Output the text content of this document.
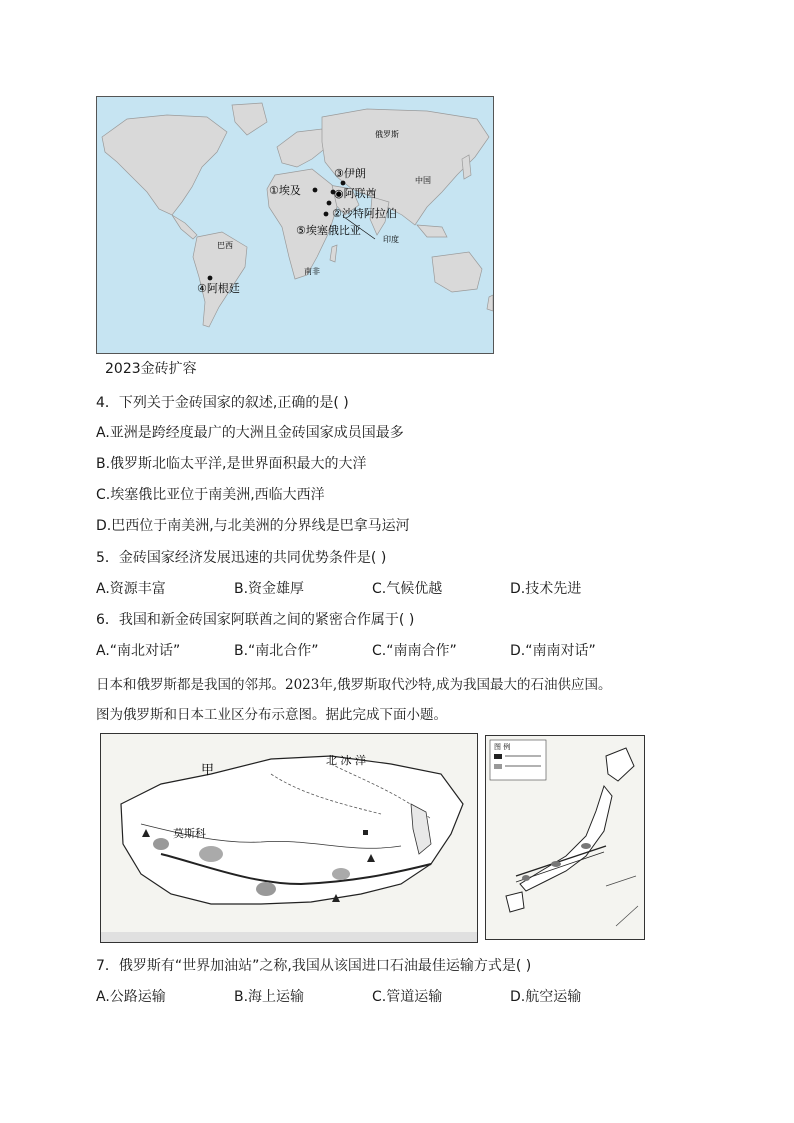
俄罗斯
中国
印度
巴西
南非
③伊朗
①埃及	◉阿联酋
②沙特阿拉伯
⑤埃塞俄比亚
④阿根廷
2023金砖扩容
4．下列关于金砖国家的叙述,正确的是( )
A.亚洲是跨经度最广的大洲且金砖国家成员国最多
B.俄罗斯北临太平洋,是世界面积最大的大洋
C.埃塞俄比亚位于南美洲,西临大西洋
D.巴西位于南美洲,与北美洲的分界线是巴拿马运河
5．金砖国家经济发展迅速的共同优势条件是( )
A.资源丰富	B.资金雄厚	C.气候优越	D.技术先进
6．我国和新金砖国家阿联酋之间的紧密合作属于( )
A.“南北对话”	B.“南北合作”	C.“南南合作”	D.“南南对话”
日本和俄罗斯都是我国的邻邦。2023年,俄罗斯取代沙特,成为我国最大的石油供应国。
图为俄罗斯和日本工业区分布示意图。据此完成下面小题。
甲
莫斯科
北 冰 洋
图 例
7．俄罗斯有“世界加油站”之称,我国从该国进口石油最佳运输方式是( )
A.公路运输	B.海上运输	C.管道运输	D.航空运输
